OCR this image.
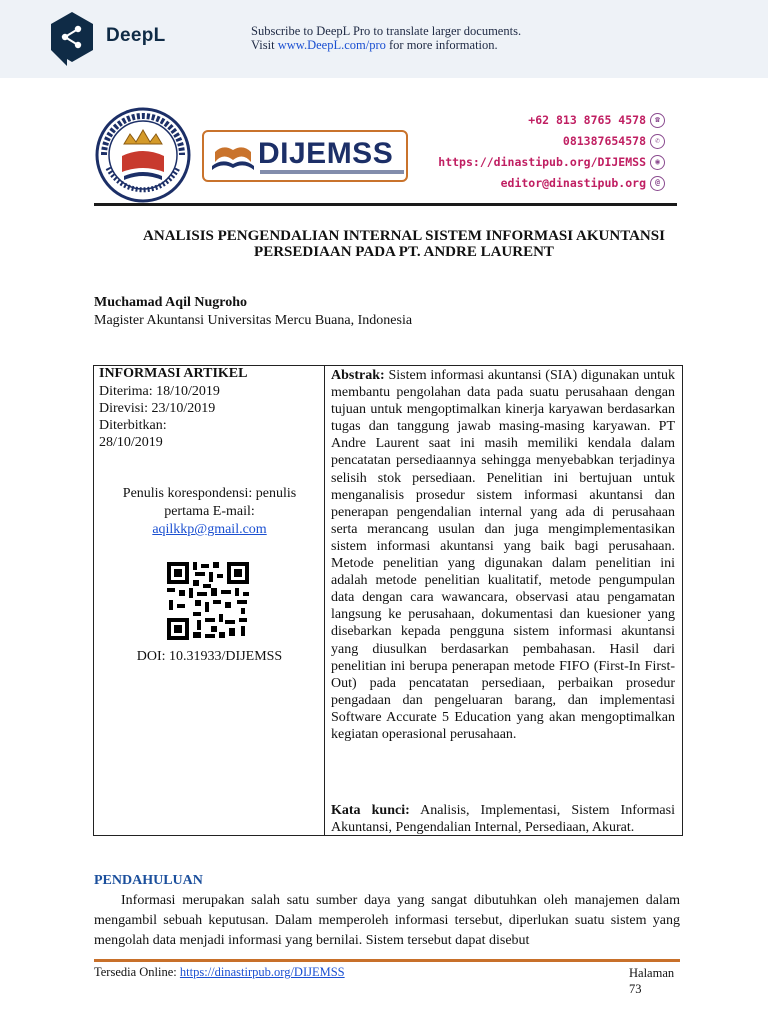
DeepL	Subscribe to DeepL Pro to translate larger documents.
Visit www.DeepL.com/pro for more information.
DIJEMSS
+62 813 8765 4578	☎
081387654578	✆
https://dinastipub.org/DIJEMSS	◉
editor@dinastipub.org	@
ANALISIS PENGENDALIAN INTERNAL SISTEM INFORMASI AKUNTANSI
PERSEDIAAN PADA PT. ANDRE LAURENT
Muchamad Aqil Nugroho
Magister Akuntansi Universitas Mercu Buana, Indonesia
INFORMASI ARTIKEL
Diterima: 18/10/2019
Direvisi: 23/10/2019
Diterbitkan:
28/10/2019
Penulis korespondensi: penulis
pertama E-mail:
aqilkkp@gmail.com
DOI: 10.31933/DIJEMSS
Abstrak: Sistem informasi akuntansi (SIA) digunakan untuk membantu pengolahan data pada suatu perusahaan dengan tujuan untuk mengoptimalkan kinerja karyawan berdasarkan tugas dan tanggung jawab masing-masing karyawan. PT Andre Laurent saat ini masih memiliki kendala dalam pencatatan persediaannya sehingga menyebabkan terjadinya selisih stok persediaan. Penelitian ini bertujuan untuk menganalisis prosedur sistem informasi akuntansi dan penerapan pengendalian internal yang ada di perusahaan serta merancang usulan dan juga mengimplementasikan sistem informasi akuntansi yang baik bagi perusahaan. Metode penelitian yang digunakan dalam penelitian ini adalah metode penelitian kualitatif, metode pengumpulan data dengan cara wawancara, observasi atau pengamatan langsung ke perusahaan, dokumentasi dan kuesioner yang disebarkan kepada pengguna sistem informasi akuntansi yang diusulkan berdasarkan pembahasan. Hasil dari penelitian ini berupa penerapan metode FIFO (First-In First-Out) pada pencatatan persediaan, perbaikan prosedur pengadaan dan pengeluaran barang, dan implementasi Software Accurate 5 Education yang akan mengoptimalkan kegiatan operasional perusahaan.
Kata kunci: Analisis, Implementasi, Sistem Informasi Akuntansi, Pengendalian Internal, Persediaan, Akurat.
PENDAHULUAN
Informasi merupakan salah satu sumber daya yang sangat dibutuhkan oleh manajemen dalam mengambil sebuah keputusan. Dalam memperoleh informasi tersebut, diperlukan suatu sistem yang mengolah data menjadi informasi yang bernilai. Sistem tersebut dapat disebut
Tersedia Online: https://dinastirpub.org/DIJEMSS	Halaman
73
